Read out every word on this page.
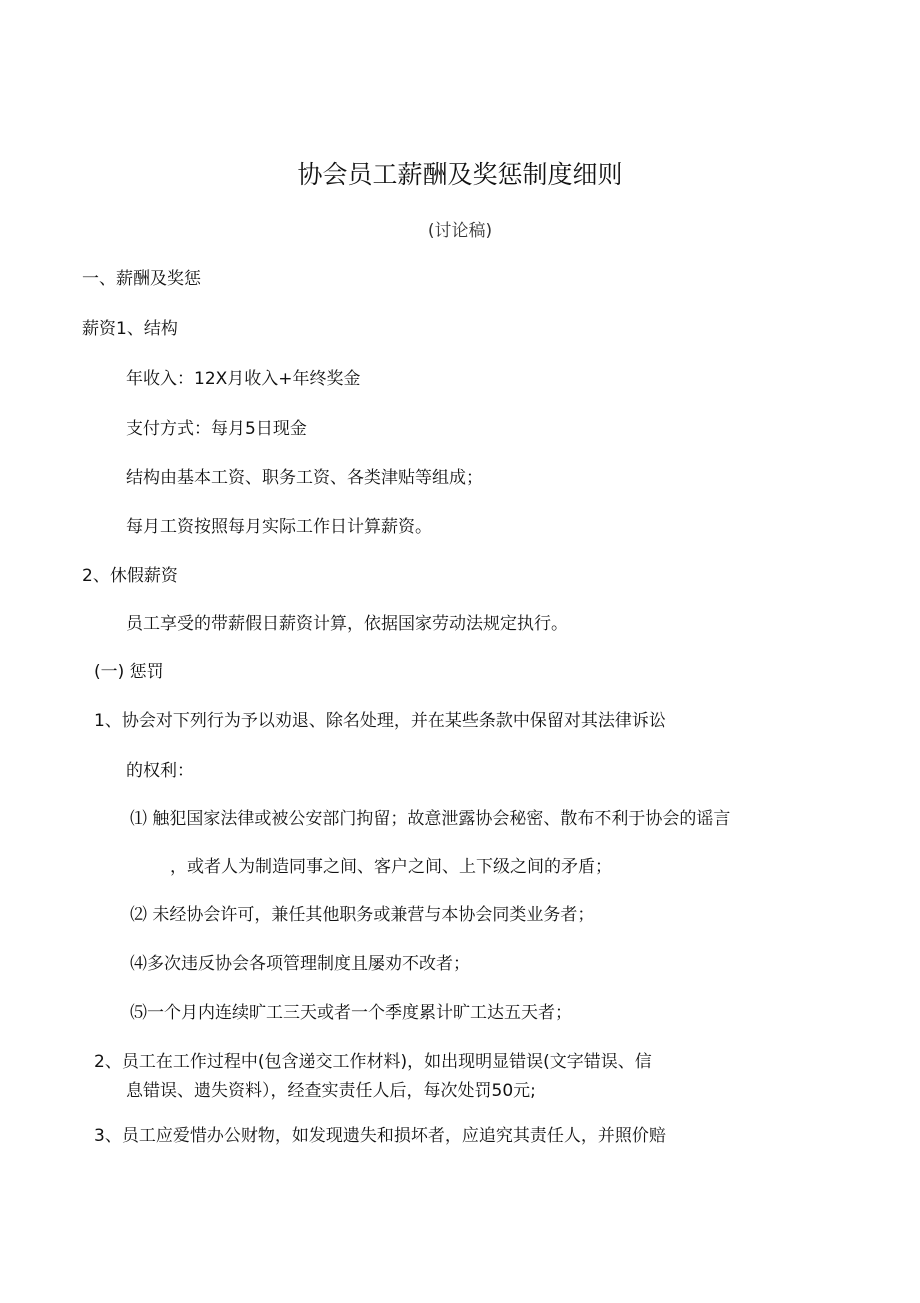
协会员工薪酬及奖惩制度细则
(讨论稿)
一、薪酬及奖惩
薪资1、结构
年收入：12X月收入+年终奖金
支付方式：每月5日现金
结构由基本工资、职务工资、各类津贴等组成；
每月工资按照每月实际工作日计算薪资。
2、休假薪资
员工享受的带薪假日薪资计算，依据国家劳动法规定执行。
(一) 惩罚
1、协会对下列行为予以劝退、除名处理，并在某些条款中保留对其法律诉讼
的权利：
⑴ 触犯国家法律或被公安部门拘留；故意泄露协会秘密、散布不利于协会的谣言
，或者人为制造同事之间、客户之间、上下级之间的矛盾；
⑵ 未经协会许可，兼任其他职务或兼营与本协会同类业务者；
⑷多次违反协会各项管理制度且屡劝不改者；
⑸一个月内连续旷工三天或者一个季度累计旷工达五天者；
2、员工在工作过程中(包含递交工作材料)，如出现明显错误(文字错误、信
息错误、遗失资料），经查实责任人后，每次处罚50元;
3、员工应爱惜办公财物，如发现遗失和损坏者，应追究其责任人，并照价赔
